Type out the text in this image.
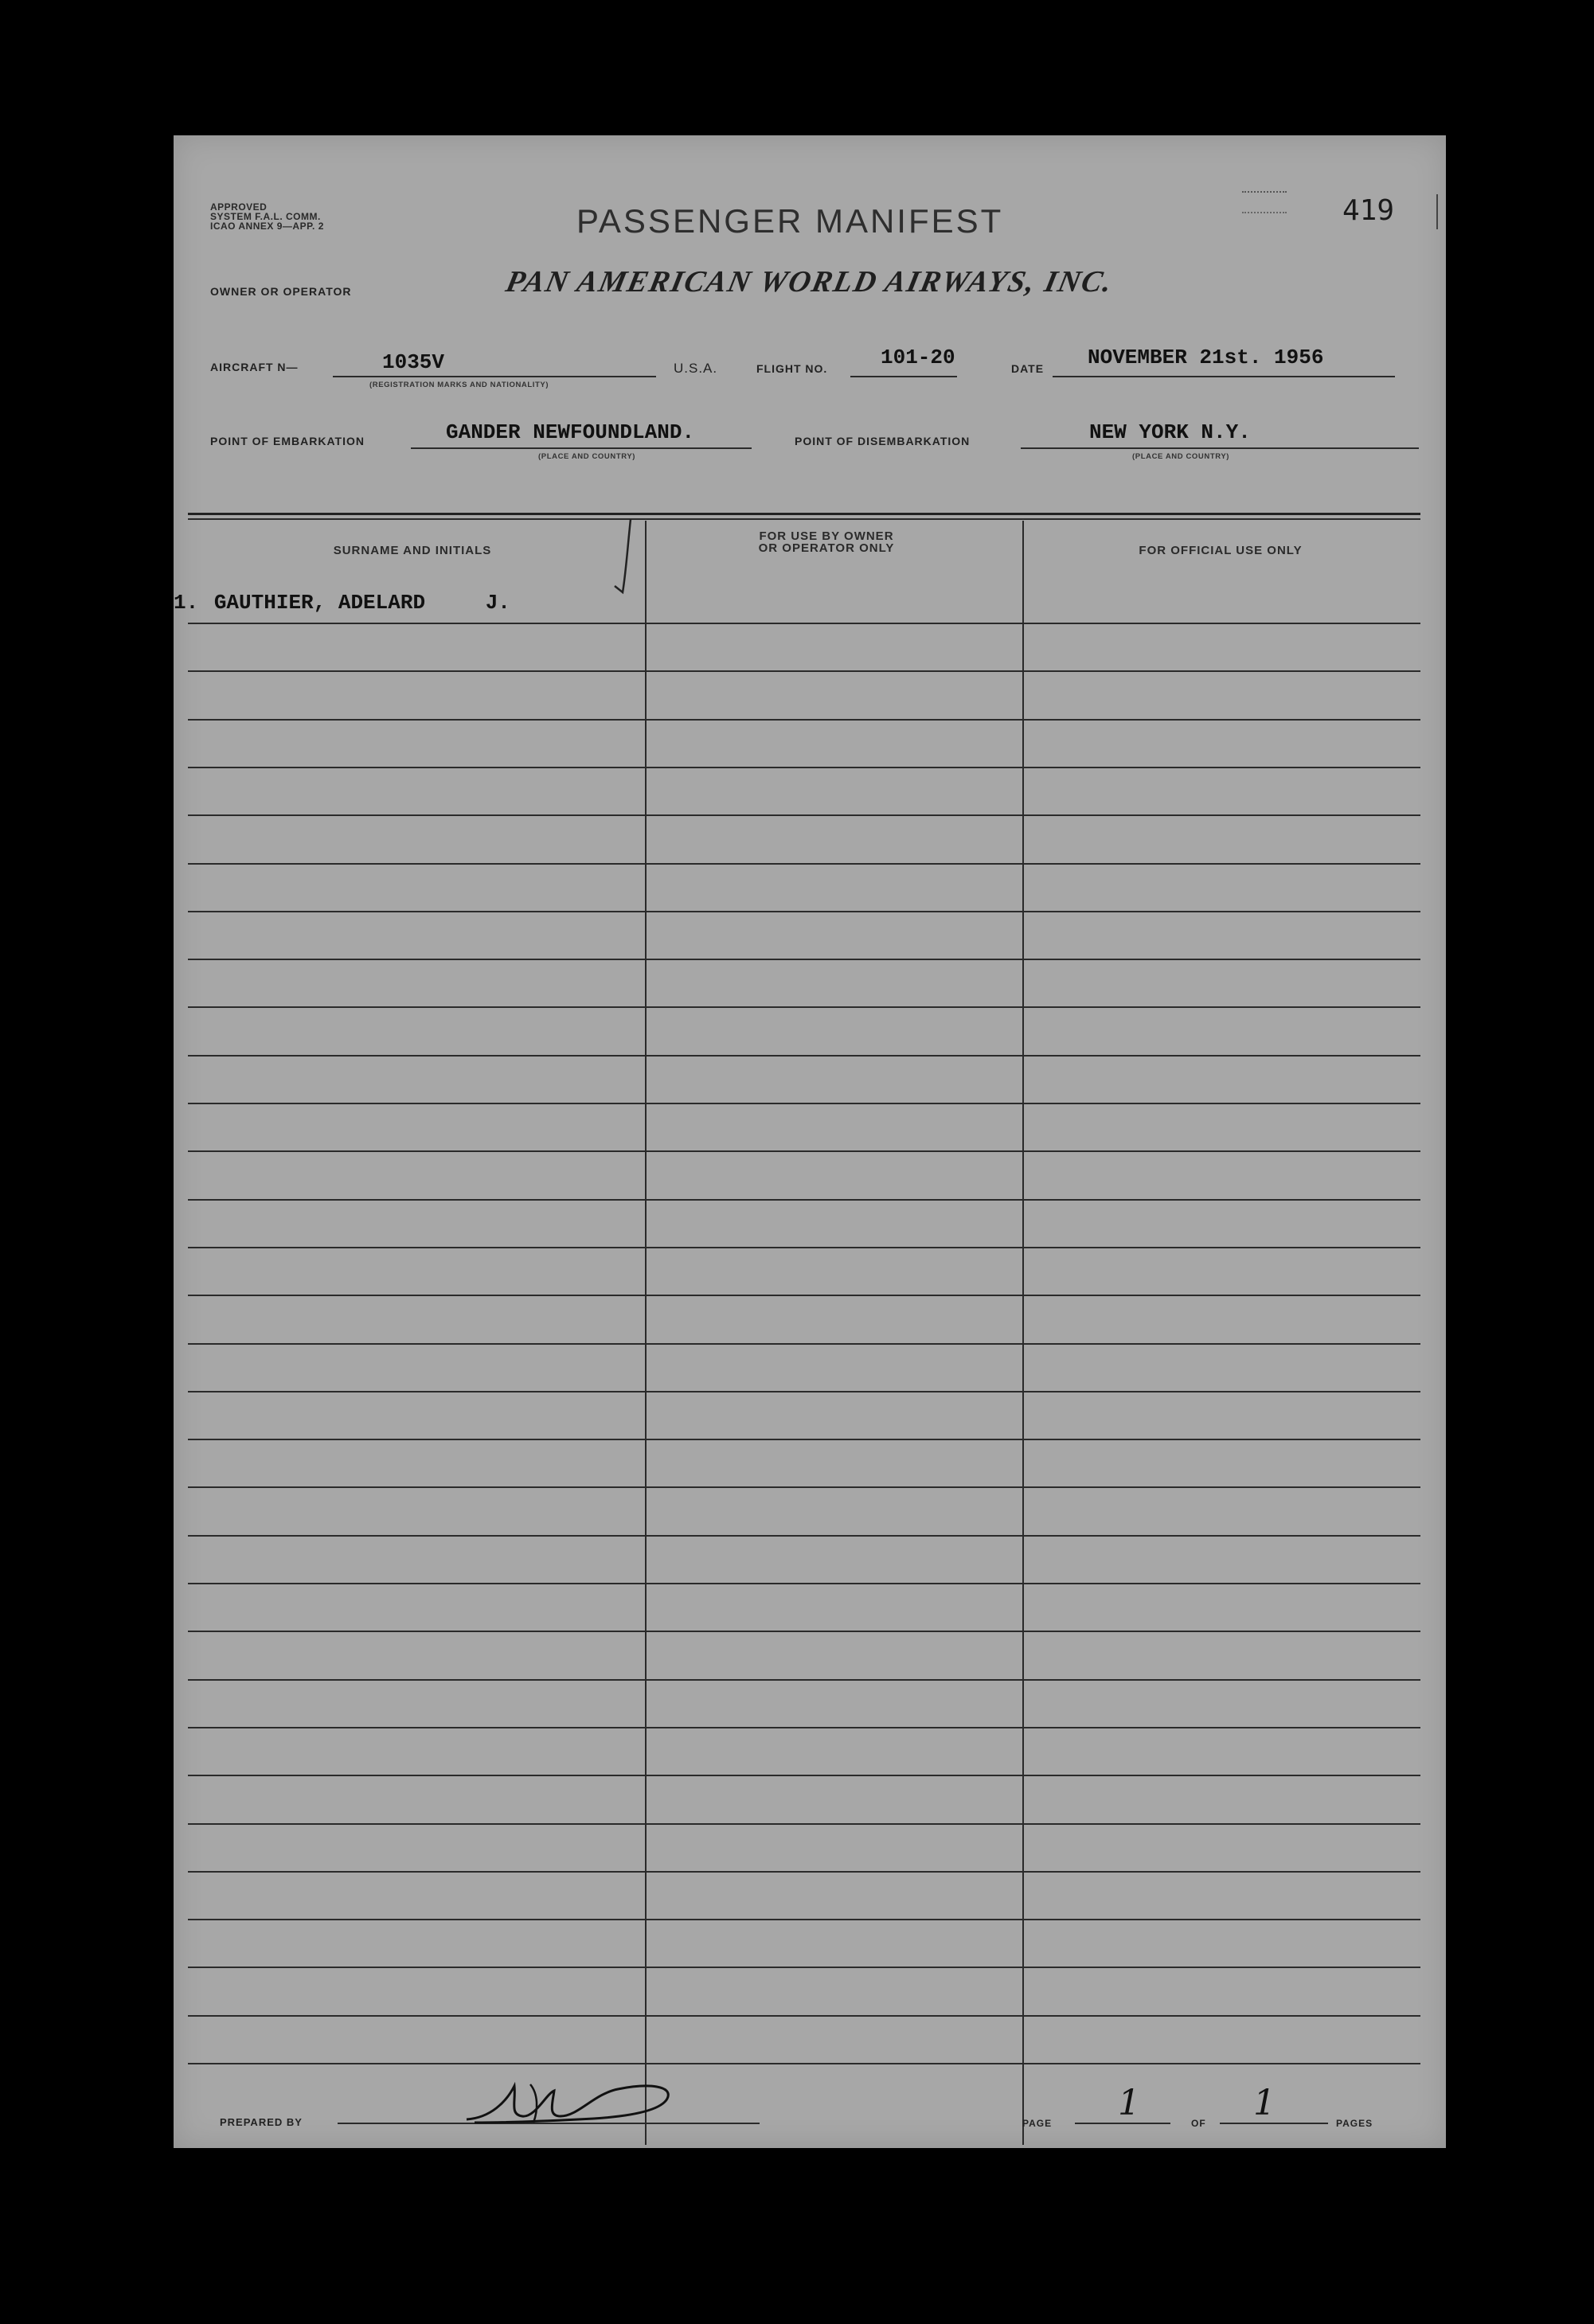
APPROVED
SYSTEM F.A.L. COMM.
ICAO ANNEX 9—APP. 2	PASSENGER MANIFEST	419
OWNER OR OPERATOR	PAN AMERICAN WORLD AIRWAYS, INC.
AIRCRAFT N—	1035V
(REGISTRATION MARKS AND NATIONALITY)
U.S.A.	FLIGHT NO.	101-20	DATE NOVEMBER 21st. 1956
POINT OF EMBARKATION	GANDER NEWFOUNDLAND.
(PLACE AND COUNTRY)
POINT OF DISEMBARKATION	NEW YORK N.Y.
(PLACE AND COUNTRY)
SURNAME AND INITIALS
FOR USE BY OWNER
OR OPERATOR ONLY	FOR OFFICIAL USE ONLY
1. GAUTHIER, ADELARD	J.
PREPARED BY	PAGE 1	OF 1	PAGES
